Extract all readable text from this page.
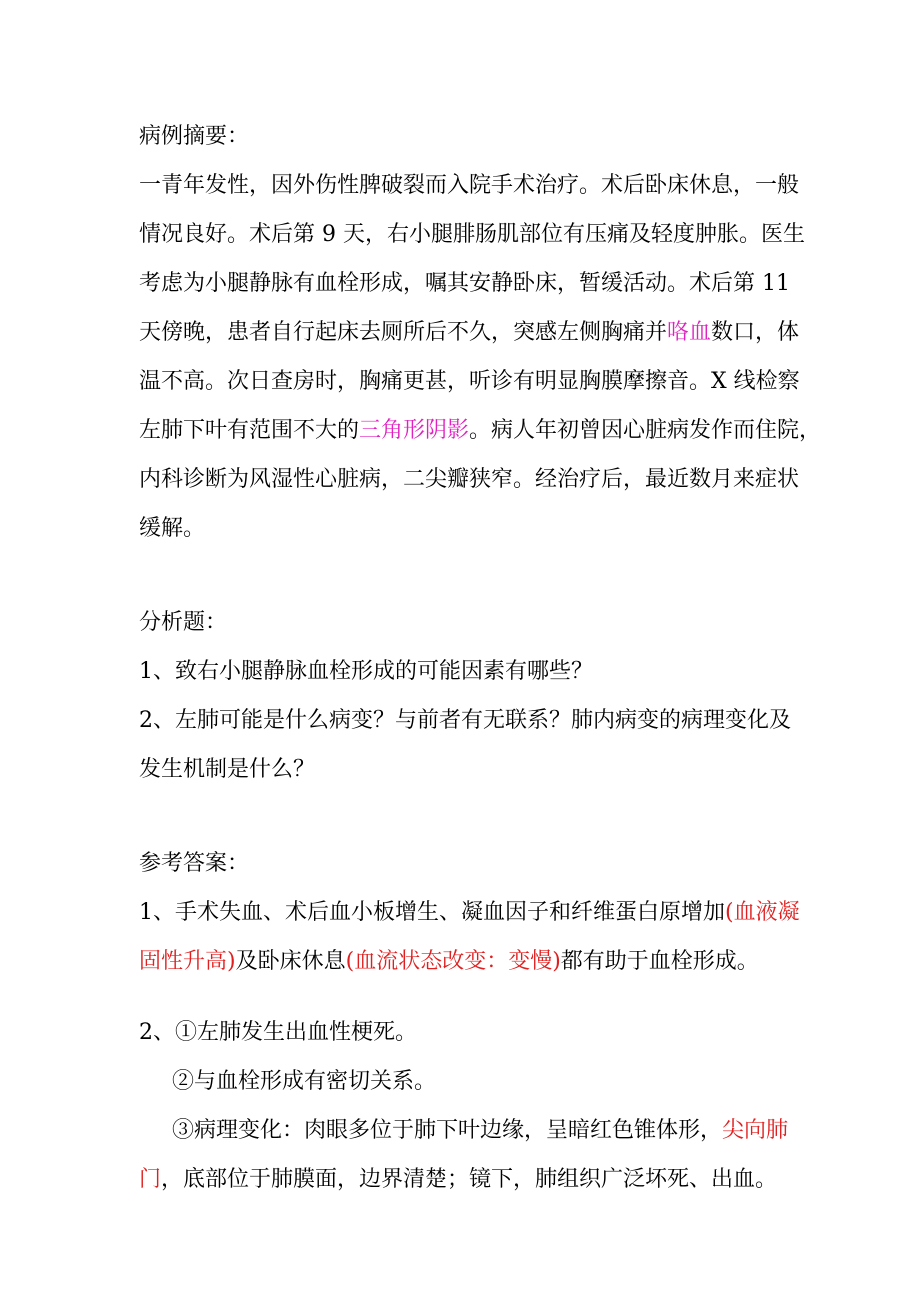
病例摘要：
一青年发性，因外伤性脾破裂而入院手术治疗。术后卧床休息，一般
情况良好。术后第 9 天，右小腿腓肠肌部位有压痛及轻度肿胀。医生
考虑为小腿静脉有血栓形成，嘱其安静卧床，暂缓活动。术后第 11
天傍晚，患者自行起床去厕所后不久，突感左侧胸痛并咯血数口，体
温不高。次日查房时，胸痛更甚，听诊有明显胸膜摩擦音。X 线检察
左肺下叶有范围不大的三角形阴影。病人年初曾因心脏病发作而住院，
内科诊断为风湿性心脏病，二尖瓣狭窄。经治疗后，最近数月来症状
缓解。
分析题：
1、致右小腿静脉血栓形成的可能因素有哪些？
2、左肺可能是什么病变？与前者有无联系？肺内病变的病理变化及
发生机制是什么？
参考答案：
1、手术失血、术后血小板增生、凝血因子和纤维蛋白原增加(血液凝
固性升高)及卧床休息(血流状态改变：变慢)都有助于血栓形成。
2、①左肺发生出血性梗死。
②与血栓形成有密切关系。
③病理变化：肉眼多位于肺下叶边缘，呈暗红色锥体形，尖向肺
门，底部位于肺膜面，边界清楚；镜下，肺组织广泛坏死、出血。
